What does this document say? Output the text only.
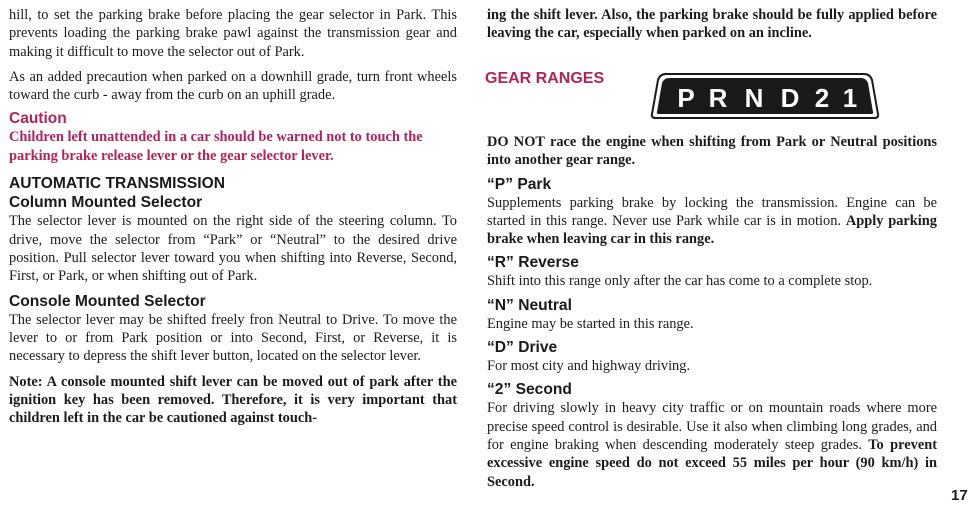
hill, to set the parking brake before placing the gear selector in Park. This prevents loading the parking brake pawl against the transmission gear and making it difficult to move the selector out of Park.

As an added precaution when parked on a downhill grade, turn front wheels toward the curb - away from the curb on an uphill grade.

Caution

Children left unattended in a car should be warned not to touch the parking brake release lever or the gear selector lever.

AUTOMATIC TRANSMISSION
Column Mounted Selector

The selector lever is mounted on the right side of the steering column. To drive, move the selector from “Park” or “Neutral” to the desired drive position. Pull selector lever toward you when shifting into Reverse, Second, First, or Park, or when shifting out of Park.

Console Mounted Selector

The selector lever may be shifted freely fron Neutral to Drive. To move the lever to or from Park position or into Second, First, or Reverse, it is necessary to depress the shift lever button, located on the selector lever.

Note: A console mounted shift lever can be moved out of park after the ignition key has been removed. Therefore, it is very important that children left in the car be cautioned against touch-

ing the shift lever. Also, the parking brake should be fully applied before leaving the car, especially when parked on an incline.

GEAR RANGES
P R N D 2 1

DO NOT race the engine when shifting from Park or Neutral positions into another gear range.

“P” Park

Supplements parking brake by locking the transmission. Engine can be started in this range. Never use Park while car is in motion. Apply parking brake when leaving car in this range.

“R” Reverse

Shift into this range only after the car has come to a complete stop.

“N” Neutral

Engine may be started in this range.

“D” Drive

For most city and highway driving.

“2” Second

For driving slowly in heavy city traffic or on mountain roads where more precise speed control is desirable. Use it also when climbing long grades, and for engine braking when descending moderately steep grades. To prevent excessive engine speed do not exceed 55 miles per hour (90 km/h) in Second.

17
